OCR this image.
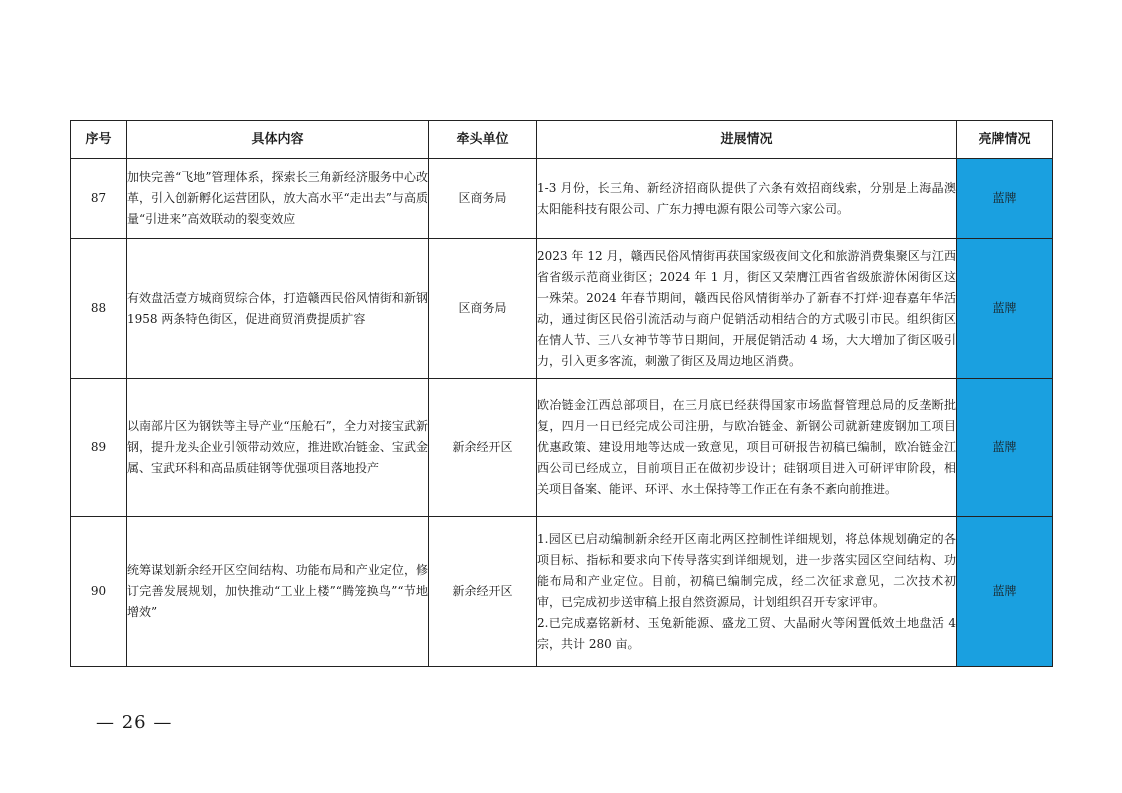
序号	具体内容	牵头单位	进展情况	亮牌情况
87	加快完善“飞地”管理体系，探索长三角新经济服务中心改革，引入创新孵化运营团队，放大高水平“走出去”与高质量“引进来”高效联动的裂变效应	区商务局	1-3 月份，长三角、新经济招商队提供了六条有效招商线索，分别是上海晶澳太阳能科技有限公司、广东力搏电源有限公司等六家公司。	蓝牌
88	有效盘活壹方城商贸综合体，打造赣西民俗风情街和新钢 1958 两条特色街区，促进商贸消费提质扩容	区商务局	2023 年 12 月，赣西民俗风情街再获国家级夜间文化和旅游消费集聚区与江西省省级示范商业街区；2024 年 1 月，街区又荣膺江西省省级旅游休闲街区这一殊荣。2024 年春节期间，赣西民俗风情街举办了新春不打烊·迎春嘉年华活动，通过街区民俗引流活动与商户促销活动相结合的方式吸引市民。组织街区在情人节、三八女神节等节日期间，开展促销活动 4 场，大大增加了街区吸引力，引入更多客流，刺激了街区及周边地区消费。	蓝牌
89	以南部片区为钢铁等主导产业“压舱石”，全力对接宝武新钢，提升龙头企业引领带动效应，推进欧冶链金、宝武金属、宝武环科和高品质硅钢等优强项目落地投产	新余经开区	欧冶链金江西总部项目，在三月底已经获得国家市场监督管理总局的反垄断批复，四月一日已经完成公司注册，与欧冶链金、新钢公司就新建废钢加工项目优惠政策、建设用地等达成一致意见，项目可研报告初稿已编制，欧冶链金江西公司已经成立，目前项目正在做初步设计；硅钢项目进入可研评审阶段，相关项目备案、能评、环评、水土保持等工作正在有条不紊向前推进。	蓝牌
90	统筹谋划新余经开区空间结构、功能布局和产业定位，修订完善发展规划，加快推动“工业上楼”“腾笼换鸟”“节地增效”	新余经开区	1.园区已启动编制新余经开区南北两区控制性详细规划，将总体规划确定的各项目标、指标和要求向下传导落实到详细规划，进一步落实园区空间结构、功能布局和产业定位。目前，初稿已编制完成，经二次征求意见，二次技术初审，已完成初步送审稿上报自然资源局，计划组织召开专家评审。
2.已完成嘉铭新材、玉兔新能源、盛龙工贸、大晶耐火等闲置低效土地盘活 4 宗，共计 280 亩。	蓝牌
— 26 —
